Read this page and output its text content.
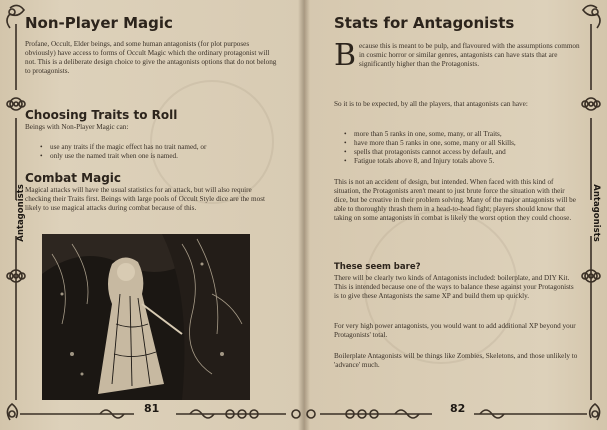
Non-Player Magic

Profane, Occult, Elder beings, and some human antagonists (for plot purposes obviously) have access to forms of Occult Magic which the ordinary protagonist will not. This is a deliberate design choice to give the antagonists options that do not belong to protagonists.

Choosing Traits to Roll

Beings with Non-Player Magic can:

• use any traits if the magic effect has no trait named, or
• only use the named trait when one is named.
Combat Magic

Magical attacks will have the usual statistics for an attack, but will also require checking their Traits first. Beings with large pools of Occult Style dice are the most likely to use magical attacks during combat because of this.

Antagonists
81
Stats for Antagonists

Because this is meant to be pulp, and flavoured with the assumptions common in cosmic horror or similar genres, antagonists can have stats that are significantly higher than the Protagonists.

So it is to be expected, by all the players, that antagonists can have:

• more than 5 ranks in one, some, many, or all Traits,
• have more than 5 ranks in one, some, many or all Skills,
• spells that protagonists cannot access by default, and
• Fatigue totals above 8, and Injury totals above 5.

This is not an accident of design, but intended. When faced with this kind of situation, the Protagonists aren't meant to just brute force the situation with their dice, but be creative in their problem solving. Many of the major antagonists will be able to thoroughly thrash them in a head-to-head fight; players should know that taking on some antagonists in combat is likely the worst option they could choose.

These seem bare?

There will be clearly two kinds of Antagonists included: boilerplate, and DIY Kit. This is intended because one of the ways to balance these against your Protagonists is to give these Antagonists the same XP and build them up quickly.

For very high power antagonists, you would want to add additional XP beyond your Protagonists' total.

Boilerplate Antagonists will be things like Zombies, Skeletons, and those unlikely to 'advance' much.

Antagonists
82
